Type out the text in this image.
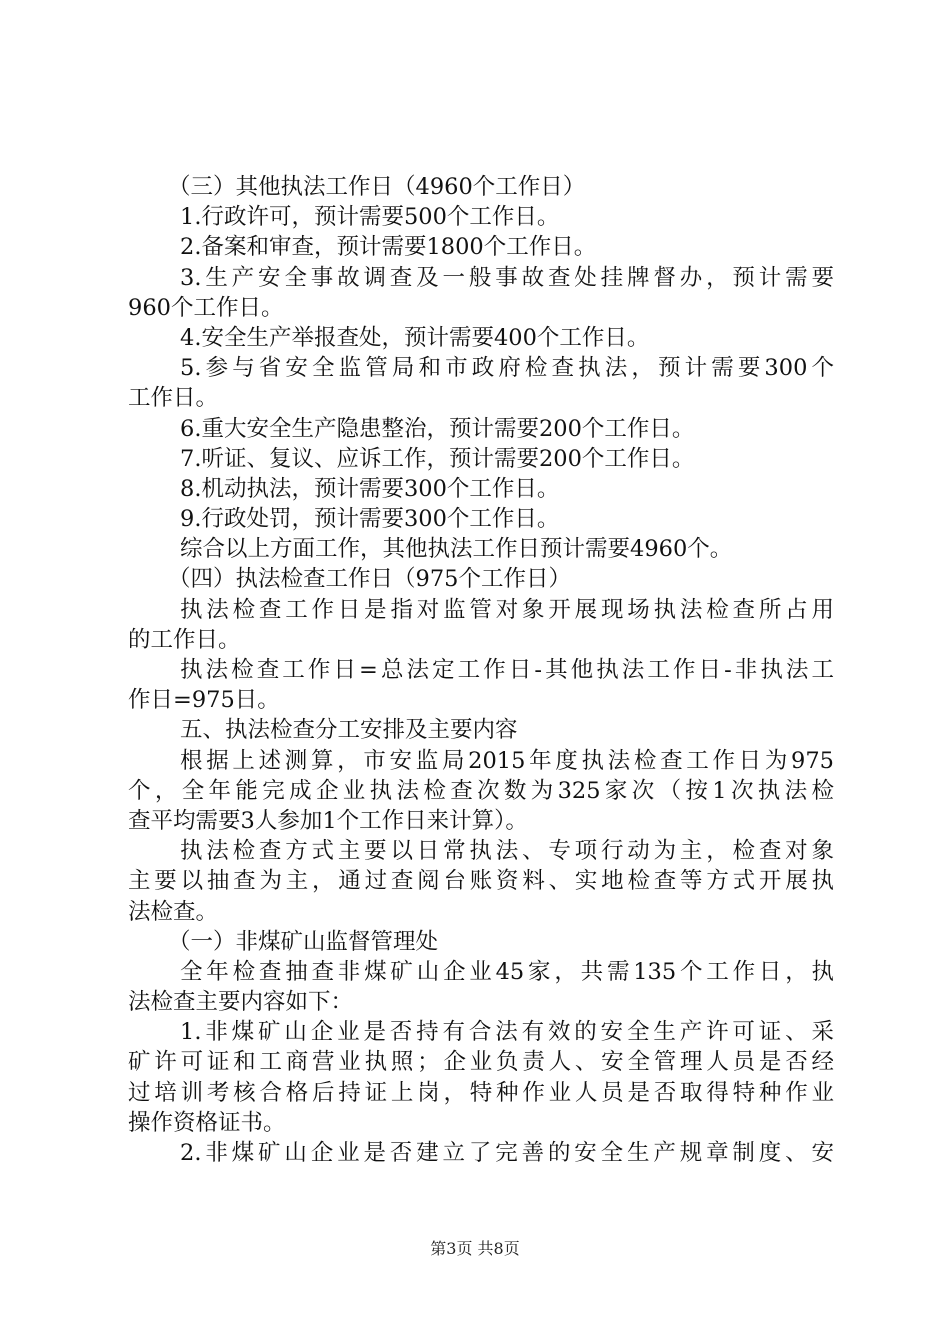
（三）其他执法工作日（4960个工作日）
1.行政许可，预计需要500个工作日。
2.备案和审查，预计需要1800个工作日。
3.生产安全事故调查及一般事故查处挂牌督办，预计需要
960个工作日。
4.安全生产举报查处，预计需要400个工作日。
5.参与省安全监管局和市政府检查执法，预计需要300个
工作日。
6.重大安全生产隐患整治，预计需要200个工作日。
7.听证、复议、应诉工作，预计需要200个工作日。
8.机动执法，预计需要300个工作日。
9.行政处罚，预计需要300个工作日。
综合以上方面工作，其他执法工作日预计需要4960个。
（四）执法检查工作日（975个工作日）
执法检查工作日是指对监管对象开展现场执法检查所占用
的工作日。
执法检查工作日=总法定工作日-其他执法工作日-非执法工
作日=975日。
五、执法检查分工安排及主要内容
根据上述测算，市安监局2015年度执法检查工作日为975
个，全年能完成企业执法检查次数为325家次（按1次执法检
查平均需要3人参加1个工作日来计算）。
执法检查方式主要以日常执法、专项行动为主，检查对象
主要以抽查为主，通过查阅台账资料、实地检查等方式开展执
法检查。
（一）非煤矿山监督管理处
全年检查抽查非煤矿山企业45家，共需135个工作日，执
法检查主要内容如下：
1.非煤矿山企业是否持有合法有效的安全生产许可证、采
矿许可证和工商营业执照；企业负责人、安全管理人员是否经
过培训考核合格后持证上岗，特种作业人员是否取得特种作业
操作资格证书。
2.非煤矿山企业是否建立了完善的安全生产规章制度、安
第3页 共8页
